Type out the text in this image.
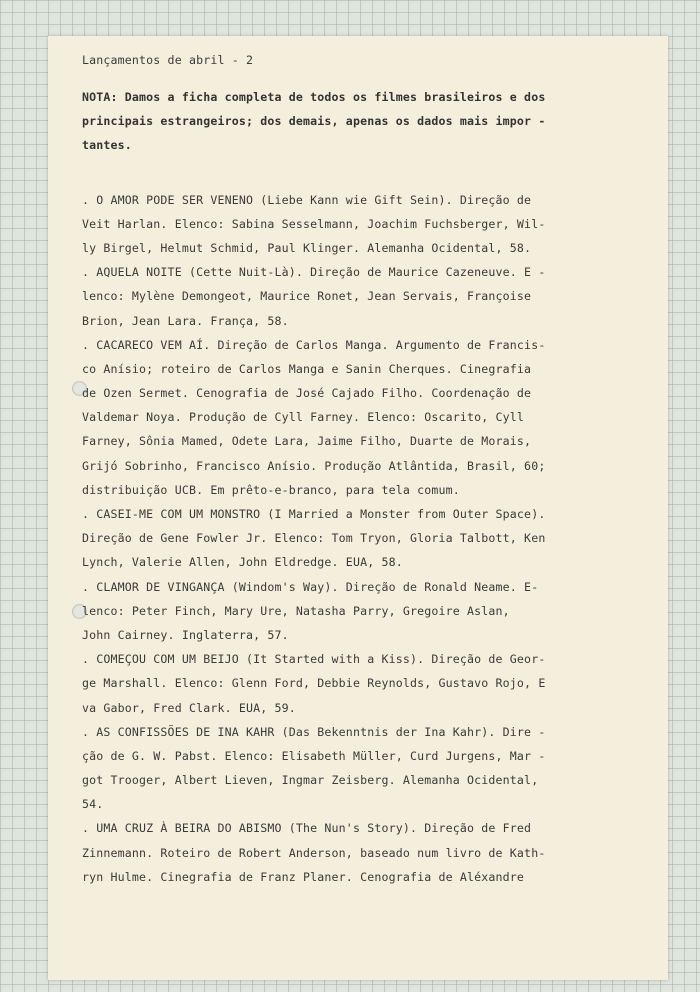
Lançamentos de abril - 2
NOTA: Damos a ficha completa de todos os filmes brasileiros e dos
principais estrangeiros; dos demais, apenas os dados mais impor -
tantes.
. O AMOR PODE SER VENENO (Liebe Kann wie Gift Sein). Direção de
Veit Harlan. Elenco: Sabina Sesselmann, Joachim Fuchsberger, Wil-
ly Birgel, Helmut Schmid, Paul Klinger. Alemanha Ocidental, 58.
. AQUELA NOITE (Cette Nuit-Là). Direção de Maurice Cazeneuve. E -
lenco: Mylène Demongeot, Maurice Ronet, Jean Servais, Françoise
Brion, Jean Lara. França, 58.
. CACARECO VEM AÍ. Direção de Carlos Manga. Argumento de Francis-
co Anísio; roteiro de Carlos Manga e Sanin Cherques. Cinegrafia
de Ozen Sermet. Cenografia de José Cajado Filho. Coordenação de
Valdemar Noya. Produção de Cyll Farney. Elenco: Oscarito, Cyll
Farney, Sônia Mamed, Odete Lara, Jaime Filho, Duarte de Morais,
Grijó Sobrinho, Francisco Anísio. Produção Atlântida, Brasil, 60;
distribuição UCB. Em prêto-e-branco, para tela comum.
. CASEI-ME COM UM MONSTRO (I Married a Monster from Outer Space).
Direção de Gene Fowler Jr. Elenco: Tom Tryon, Gloria Talbott, Ken
Lynch, Valerie Allen, John Eldredge. EUA, 58.
. CLAMOR DE VINGANÇA (Windom's Way). Direção de Ronald Neame. E-
lenco: Peter Finch, Mary Ure, Natasha Parry, Gregoire Aslan,
John Cairney. Inglaterra, 57.
. COMEÇOU COM UM BEIJO (It Started with a Kiss). Direção de Geor-
ge Marshall. Elenco: Glenn Ford, Debbie Reynolds, Gustavo Rojo, E
va Gabor, Fred Clark. EUA, 59.
. AS CONFISSÕES DE INA KAHR (Das Bekenntnis der Ina Kahr). Dire -
ção de G. W. Pabst. Elenco: Elisabeth Müller, Curd Jurgens, Mar -
got Trooger, Albert Lieven, Ingmar Zeisberg. Alemanha Ocidental,
54.
. UMA CRUZ À BEIRA DO ABISMO (The Nun's Story). Direção de Fred
Zinnemann. Roteiro de Robert Anderson, baseado num livro de Kath-
ryn Hulme. Cinegrafia de Franz Planer. Cenografia de Aléxandre
